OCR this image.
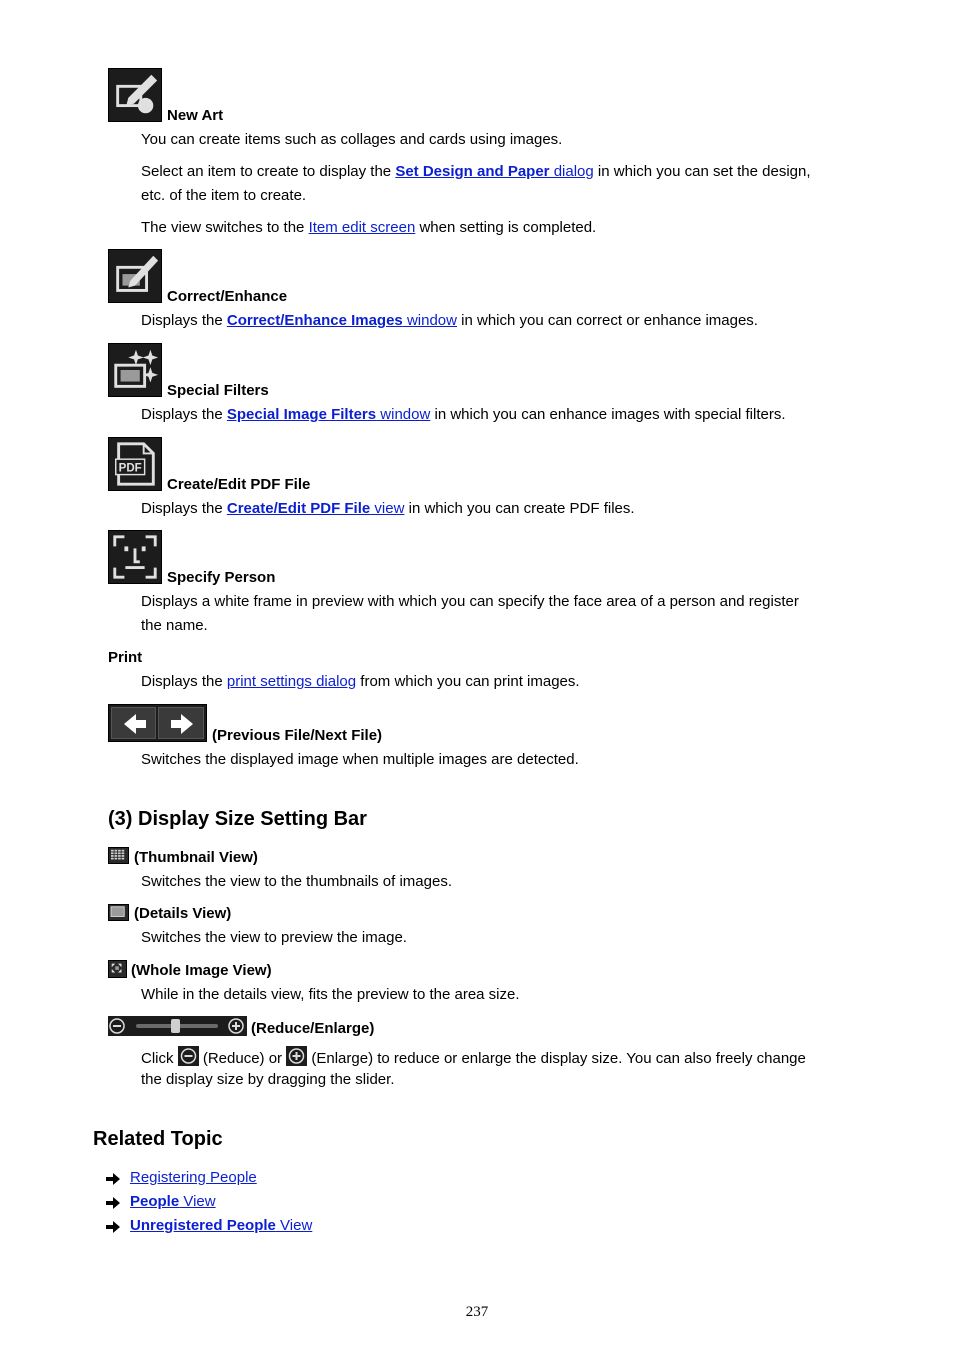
New Art
You can create items such as collages and cards using images.
Select an item to create to display the Set Design and Paper dialog in which you can set the design,
etc. of the item to create.
The view switches to the Item edit screen when setting is completed.
Correct/Enhance
Displays the Correct/Enhance Images window in which you can correct or enhance images.
Special Filters
Displays the Special Image Filters window in which you can enhance images with special filters.
PDF
Create/Edit PDF File
Displays the Create/Edit PDF File view in which you can create PDF files.
Specify Person
Displays a white frame in preview with which you can specify the face area of a person and register
the name.
Print
Displays the print settings dialog from which you can print images.
(Previous File/Next File)
Switches the displayed image when multiple images are detected.
(3) Display Size Setting Bar
(Thumbnail View)
Switches the view to the thumbnails of images.
(Details View)
Switches the view to preview the image.
(Whole Image View)
While in the details view, fits the preview to the area size.
(Reduce/Enlarge)
Click  (Reduce) or  (Enlarge) to reduce or enlarge the display size. You can also freely change
the display size by dragging the slider.
Related Topic
Registering People
People View
Unregistered People View
237
